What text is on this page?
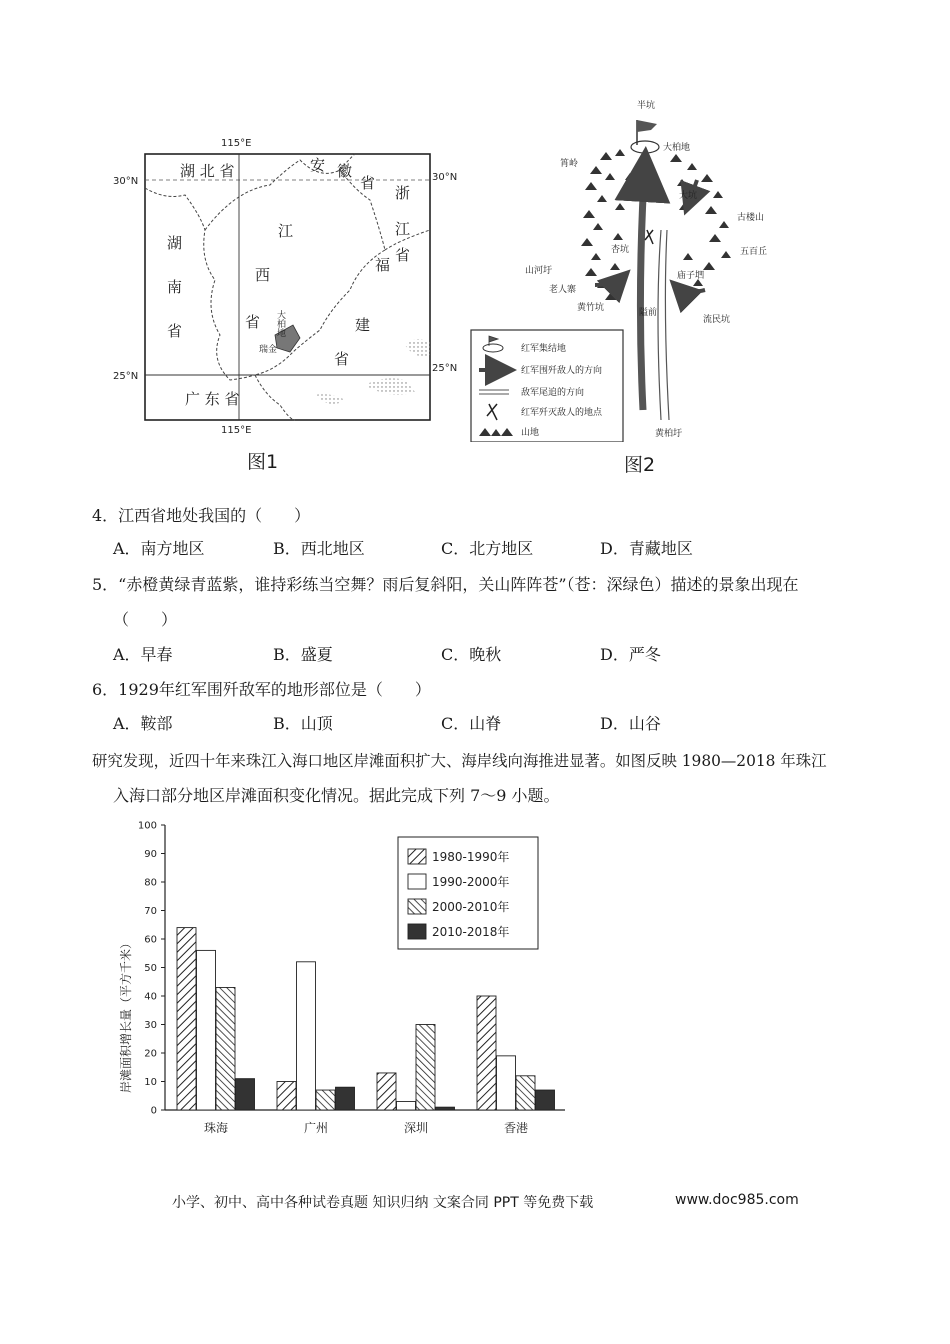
115°E
115°E
30°N	30°N
25°N
25°N
湖 北 省	安 徽
省
浙
江
省
湖
南
省
江
西
省
福
建
省
广 东 省
大柏地
瑞金
图1
半坑
大柏地
筲岭
大坑
古楼山
五百丘
杏坑
山河圩
老人寨
庙子垇
黄竹坑	隘前
流民坑
黄柏圩
红军集结地
红军围歼敌人的方向
敌军尾追的方向
红军歼灭敌人的地点
山地
图2
4．江西省地处我国的（　　）
A．南方地区	B．西北地区	C．北方地区	D．青藏地区
5．“赤橙黄绿青蓝紫，谁持彩练当空舞？雨后复斜阳，关山阵阵苍”（苍：深绿色）描述的景象出现在
（　　）
A．早春	B．盛夏	C．晚秋	D．严冬
6．1929年红军围歼敌军的地形部位是（　　）
A．鞍部	B．山顶	C．山脊	D．山谷
研究发现，近四十年来珠江入海口地区岸滩面积扩大、海岸线向海推进显著。如图反映 1980—2018 年珠江
入海口部分地区岸滩面积变化情况。据此完成下列 7～9 小题。
0
10
20
30
40
50
60
70
80
90
100
珠海	广州	深圳	香港
岸滩面积增长量（平方千米）
1980-1990年
1990-2000年
2000-2010年
2010-2018年
小学、初中、高中各种试卷真题 知识归纳 文案合同 PPT 等免费下载	www.doc985.com
